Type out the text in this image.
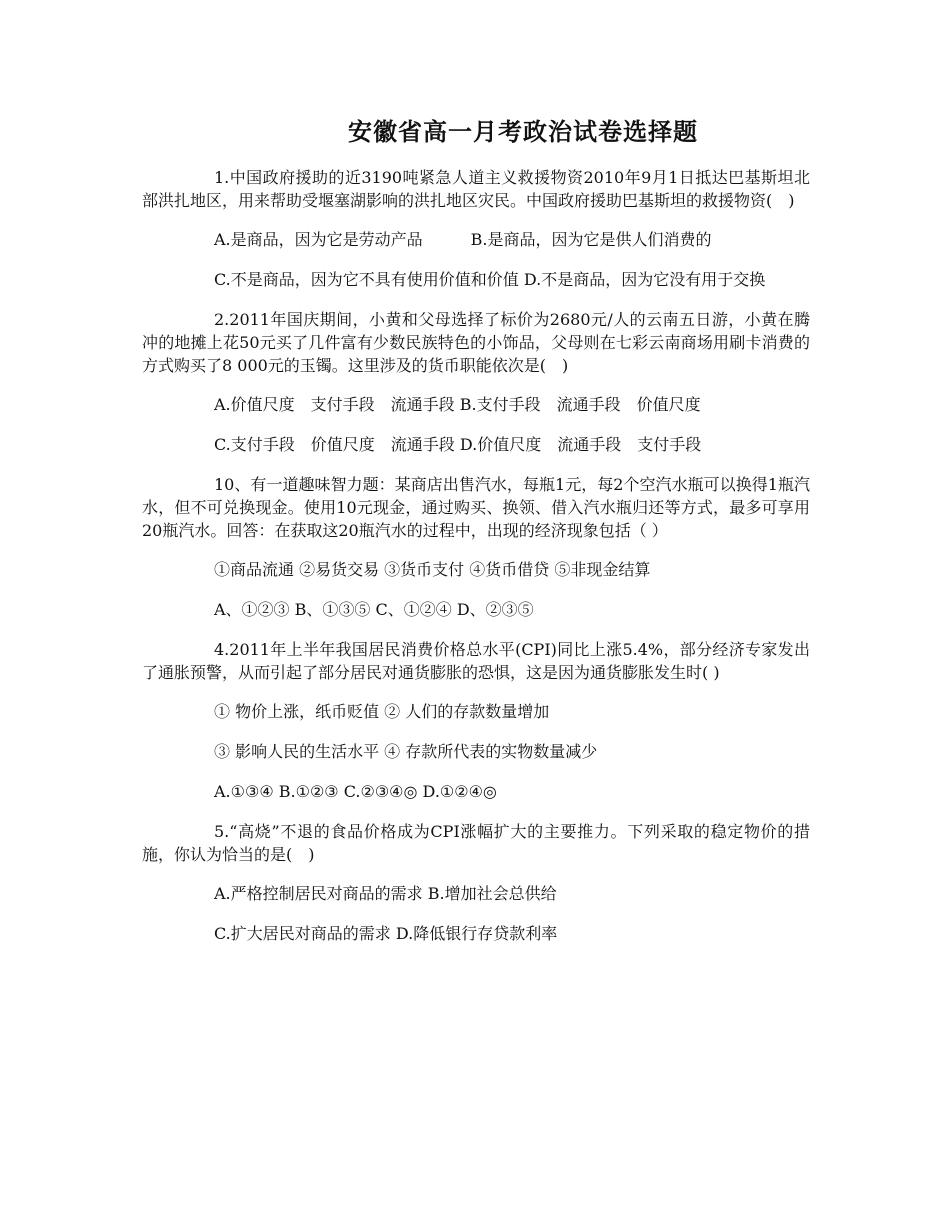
安徽省高一月考政治试卷选择题

1.中国政府援助的近3190吨紧急人道主义救援物资2010年9月1日抵达巴基斯坦北部洪扎地区，用来帮助受堰塞湖影响的洪扎地区灾民。中国政府援助巴基斯坦的救援物资(　)

A.是商品，因为它是劳动产品　　　B.是商品，因为它是供人们消费的

C.不是商品，因为它不具有使用价值和价值 D.不是商品，因为它没有用于交换

2.2011年国庆期间，小黄和父母选择了标价为2680元/人的云南五日游，小黄在腾冲的地摊上花50元买了几件富有少数民族特色的小饰品，父母则在七彩云南商场用刷卡消费的方式购买了8 000元的玉镯。这里涉及的货币职能依次是(　)

A.价值尺度　支付手段　流通手段 B.支付手段　流通手段　价值尺度

C.支付手段　价值尺度　流通手段 D.价值尺度　流通手段　支付手段

10、有一道趣味智力题：某商店出售汽水，每瓶1元，每2个空汽水瓶可以换得1瓶汽水，但不可兑换现金。使用10元现金，通过购买、换领、借入汽水瓶归还等方式，最多可享用20瓶汽水。回答：在获取这20瓶汽水的过程中，出现的经济现象包括（ ）

①商品流通 ②易货交易 ③货币支付 ④货币借贷 ⑤非现金结算

A、①②③ B、①③⑤ C、①②④ D、②③⑤

4.2011年上半年我国居民消费价格总水平(CPI)同比上涨5.4%，部分经济专家发出了通胀预警，从而引起了部分居民对通货膨胀的恐惧，这是因为通货膨胀发生时( )

① 物价上涨，纸币贬值 ② 人们的存款数量增加

③ 影响人民的生活水平 ④ 存款所代表的实物数量减少

A.①③④ B.①②③ C.②③④◎ D.①②④◎

5.“高烧”不退的食品价格成为CPI涨幅扩大的主要推力。下列采取的稳定物价的措施，你认为恰当的是(　)

A.严格控制居民对商品的需求 B.增加社会总供给

C.扩大居民对商品的需求 D.降低银行存贷款利率
